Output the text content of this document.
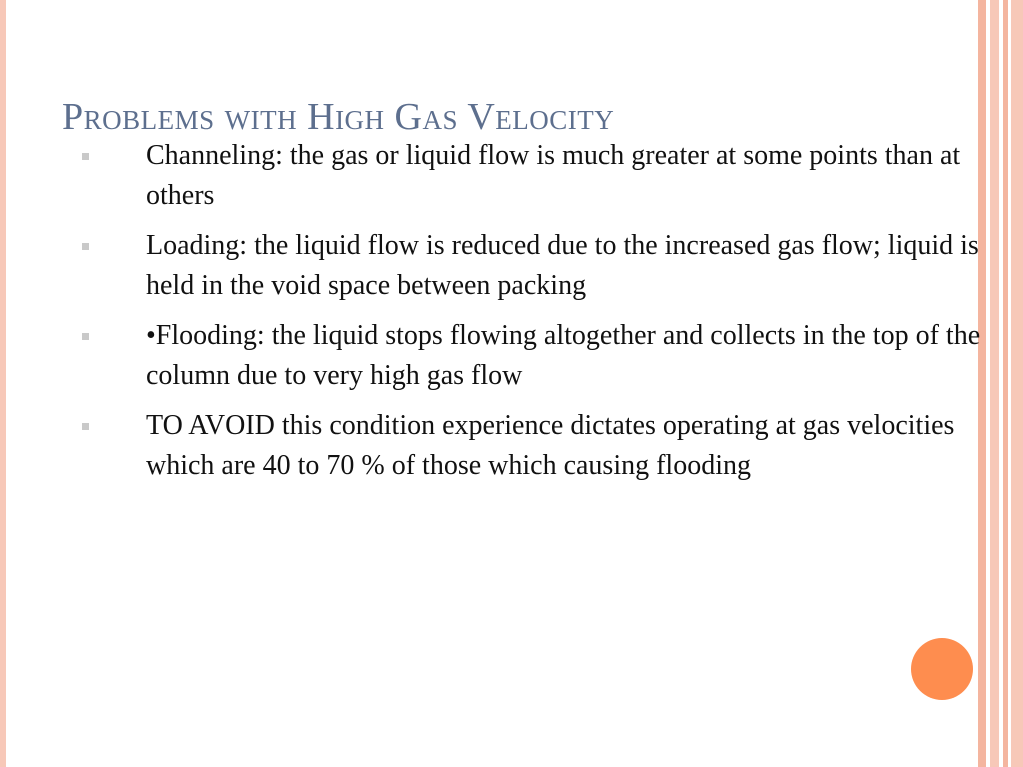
Problems with High Gas Velocity
Channeling: the gas or liquid flow is much greater at some points than at others
Loading: the liquid flow is reduced due to the increased gas flow; liquid is held in the void space between packing
•Flooding: the liquid stops flowing altogether and collects in the top of the column due to very high gas flow
TO AVOID this condition experience dictates operating at gas velocities which are 40 to 70 % of those which causing flooding
